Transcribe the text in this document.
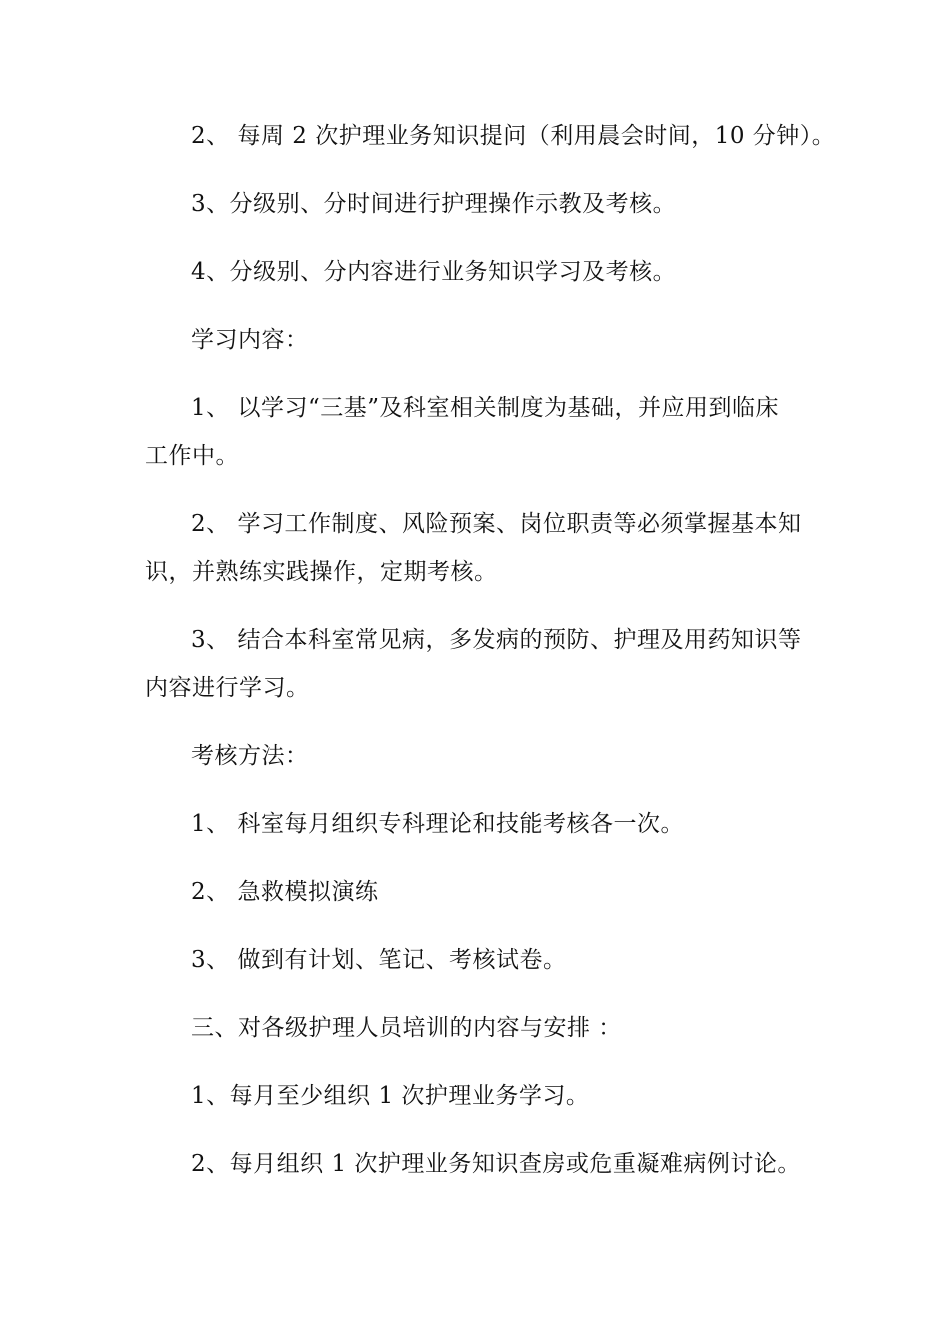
2、 每周 2 次护理业务知识提问（利用晨会时间，10 分钟）。
3、分级别、分时间进行护理操作示教及考核。
4、分级别、分内容进行业务知识学习及考核。
学习内容：
1、 以学习“三基”及科室相关制度为基础，并应用到临床
工作中。
2、 学习工作制度、风险预案、岗位职责等必须掌握基本知
识，并熟练实践操作，定期考核。
3、 结合本科室常见病，多发病的预防、护理及用药知识等
内容进行学习。
考核方法：
1、 科室每月组织专科理论和技能考核各一次。
2、 急救模拟演练
3、 做到有计划、笔记、考核试卷。
三、对各级护理人员培训的内容与安排 ：
1、每月至少组织 1 次护理业务学习。
2、每月组织 1 次护理业务知识查房或危重凝难病例讨论。
